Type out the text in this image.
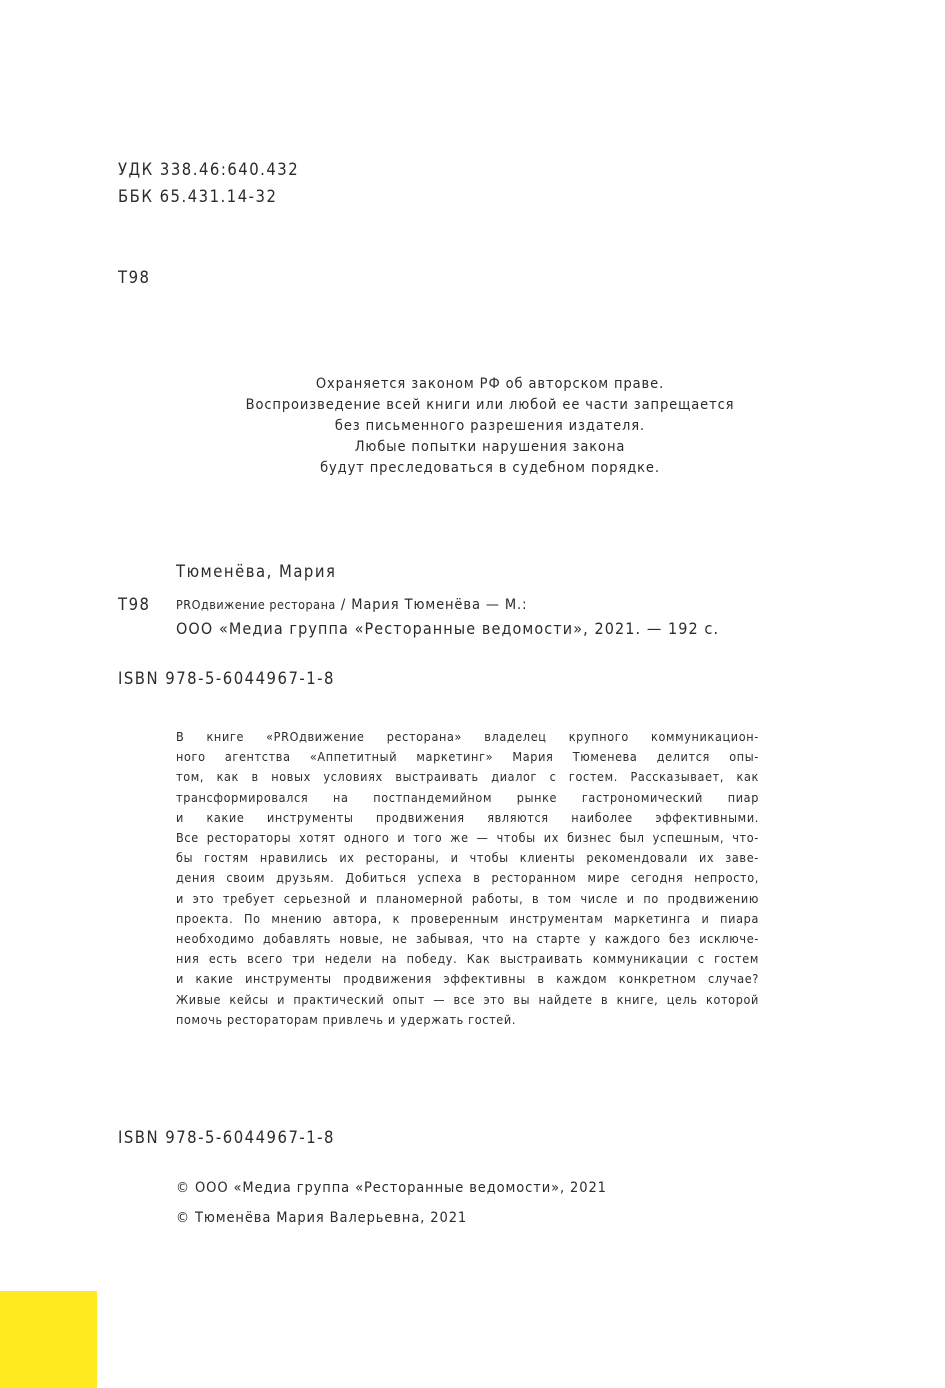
УДК 338.46:640.432
ББК 65.431.14-32
Т98
Охраняется законом РФ об авторском праве.
Воспроизведение всей книги или любой ее части запрещается
без письменного разрешения издателя.
Любые попытки нарушения закона
будут преследоваться в судебном порядке.
Тюменёва, Мария
Т98 PRОдвижение ресторана / Мария Тюменёва — М.:
ООО «Медиа группа «Ресторанные ведомости», 2021. — 192 с.
ISBN 978-5-6044967-1-8
В книге «PRОдвижение ресторана» владелец крупного коммуникацион-
ного агентства «Аппетитный маркетинг» Мария Тюменева делится опы-
том, как в новых условиях выстраивать диалог с гостем. Рассказывает, как
трансформировался на постпандемийном рынке гастрономический пиар
и какие инструменты продвижения являются наиболее эффективными.
Все рестораторы хотят одного и того же — чтобы их бизнес был успешным, что-
бы гостям нравились их рестораны, и чтобы клиенты рекомендовали их заве-
дения своим друзьям. Добиться успеха в ресторанном мире сегодня непросто,
и это требует серьезной и планомерной работы, в том числе и по продвижению
проекта. По мнению автора, к проверенным инструментам маркетинга и пиара
необходимо добавлять новые, не забывая, что на старте у каждого без исключе-
ния есть всего три недели на победу. Как выстраивать коммуникации с гостем
и какие инструменты продвижения эффективны в каждом конкретном случае?
Живые кейсы и практический опыт — все это вы найдете в книге, цель которой
помочь рестораторам привлечь и удержать гостей.
ISBN 978-5-6044967-1-8
© ООО «Медиа группа «Ресторанные ведомости», 2021
© Тюменёва Мария Валерьевна, 2021
